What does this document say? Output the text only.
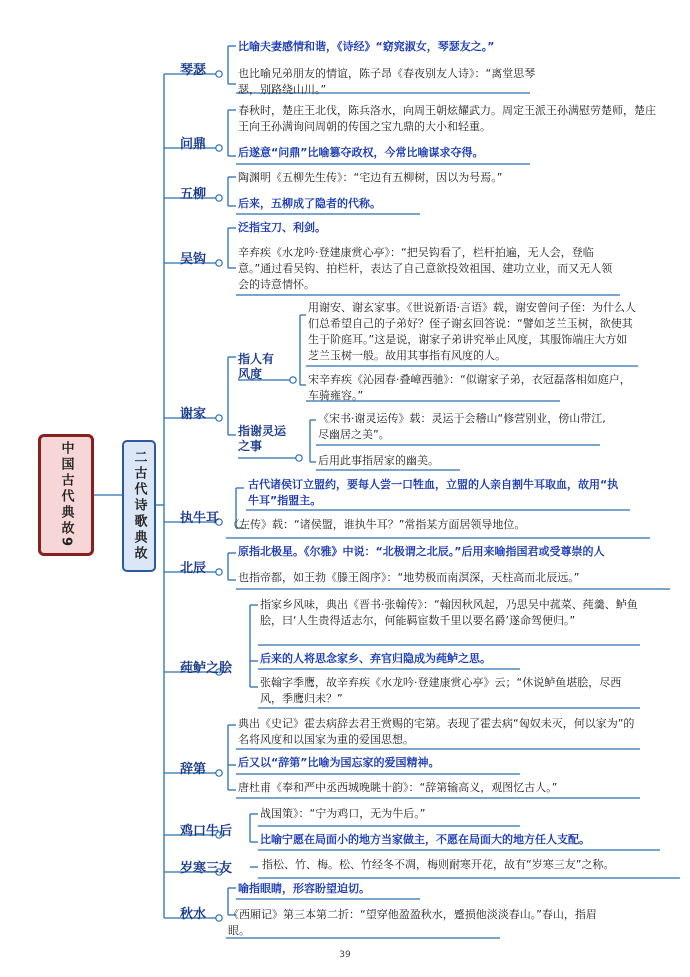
中国古代典故9	二古代诗歌典故
琴瑟
比喻夫妻感情和谐，《诗经》“窈窕淑女，琴瑟友之。”
也比喻兄弟朋友的情谊，陈子昂《春夜别友人诗》：“离堂思琴瑟，别路绕山川。”
问鼎
春秋时，楚庄王北伐，陈兵洛水，向周王朝炫耀武力。周定王派王孙满慰劳楚师，楚庄王向王孙满询问周朝的传国之宝九鼎的大小和轻重。
后遂意“问鼎”比喻篡夺政权，今常比喻谋求夺得。
五柳
陶渊明《五柳先生传》：“宅边有五柳树，因以为号焉。”
后来，五柳成了隐者的代称。
吴钩
泛指宝刀、利剑。
辛弃疾《水龙吟·登建康赏心亭》：“把吴钩看了，栏杆拍遍，无人会，登临意。”通过看吴钩、拍栏杆，表达了自己意欲投效祖国、建功立业，而又无人领会的诗意情怀。
谢家
指人有风度
用谢安、谢玄家事。《世说新语·言语》载，谢安曾问子侄：为什么人们总希望自己的子弟好？侄子谢玄回答说：“譬如芝兰玉树，欲使其生于阶庭耳。”这是说，谢家子弟讲究举止风度，其服饰端庄大方如芝兰玉树一般。故用其事指有风度的人。
宋辛弃疾《沁园春·叠嶂西驰》：“似谢家子弟，衣冠磊落相如庭户，车骑雍容。”
指谢灵运之事
《宋书·谢灵运传》载：灵运于会稽山“修营别业，傍山带江,尽幽居之美”。
后用此事指居家的幽美。
执牛耳
古代诸侯订立盟约，要每人尝一口牲血，立盟的人亲自割牛耳取血，故用“执牛耳”指盟主。
《左传》载：“诸侯盟，谁执牛耳？”常指某方面居领导地位。
北辰
原指北极星。《尔雅》中说：“北极谓之北辰。”后用来喻指国君或受尊崇的人
也指帝都，如王勃《滕王阁序》：“地势极而南溟深，天柱高而北辰远。”
莼鲈之脍
指家乡风味，典出《晋书·张翰传》：“翰因秋风起，乃思吴中菰菜、莼羹、鲈鱼脍，曰‘人生贵得适志尔，何能羁宦数千里以要名爵’遂命驾便归。”
后来的人将思念家乡、弃官归隐成为莼鲈之思。
张翰字季鹰，故辛弃疾《水龙吟·登建康赏心亭》云；“休说鲈鱼堪脍，尽西风，季鹰归未？”
辞第
典出《史记》霍去病辞去君王赏赐的宅第。表现了霍去病“匈奴未灭，何以家为”的名将风度和以国家为重的爱国思想。
后又以“辞第”比喻为国忘家的爱国精神。
唐杜甫《奉和严中丞西城晚眺十韵》：“辞第输高义，观图忆古人。”
鸡口牛后
战国策》：“宁为鸡口，无为牛后。”
比喻宁愿在局面小的地方当家做主，不愿在局面大的地方任人支配。
岁寒三友	指松、竹、梅。松、竹经冬不凋，梅则耐寒开花，故有“岁寒三友”之称。
秋水
喻指眼睛，形容盼望迫切。
《西厢记》第三本第二折：“望穿他盈盈秋水，蹙损他淡淡春山。”春山，指眉眼。
39
